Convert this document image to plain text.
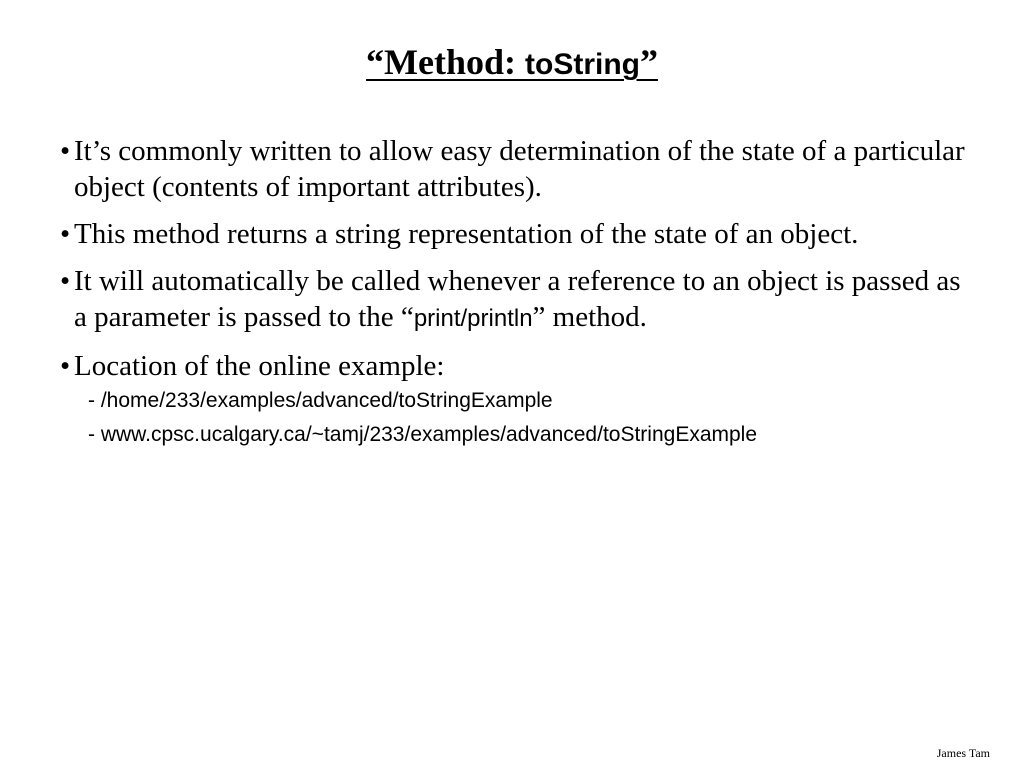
“Method: toString”
• It’s commonly written to allow easy determination of the state of a particular object (contents of important attributes).
• This method returns a string representation of the state of an object.
• It will automatically be called whenever a reference to an object is passed as a parameter is passed to the “print/println” method.
• Location of the online example:
- /home/233/examples/advanced/toStringExample
- www.cpsc.ucalgary.ca/~tamj/233/examples/advanced/toStringExample
James Tam
